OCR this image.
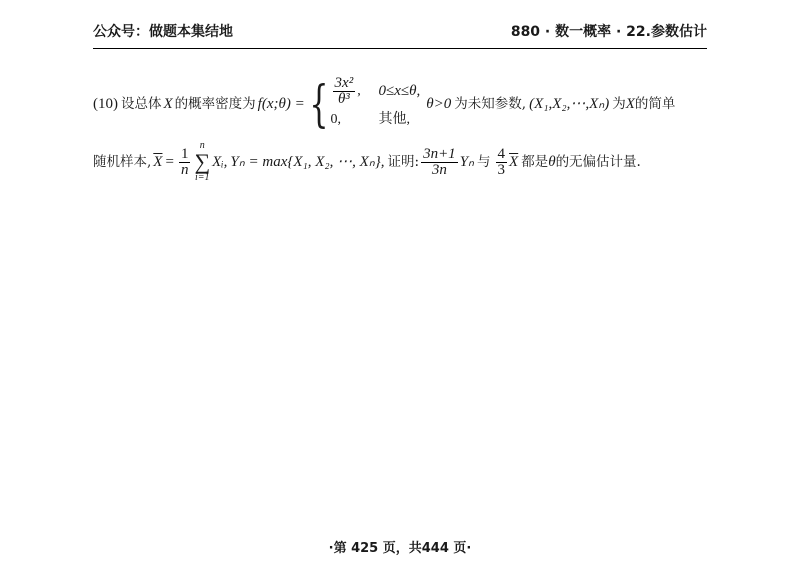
公众号：做题本集结地	880 · 数一概率 · 22.参数估计
(10) 设总体 X 的概率密度为 f(x;θ) = { $\frac{\text{3x²}}{\text{θ³}}$ ,	0≤x≤θ,
0,	其他,
θ>0 为未知参数, (X₁,X₂,⋯,Xₙ) 为 X 的简单
随机样本, $\overline{X} = \frac{1}{n}$
n
∑
i=1
Xᵢ, Yₙ = max{X₁, X₂, ⋯, Xₙ}, 证明: $\frac{3n+1}{3n}$ Yₙ 与 $\frac{4}{3} \overline{X}$ 都是 θ 的无偏估计量.
·第 425 页，共444 页·
